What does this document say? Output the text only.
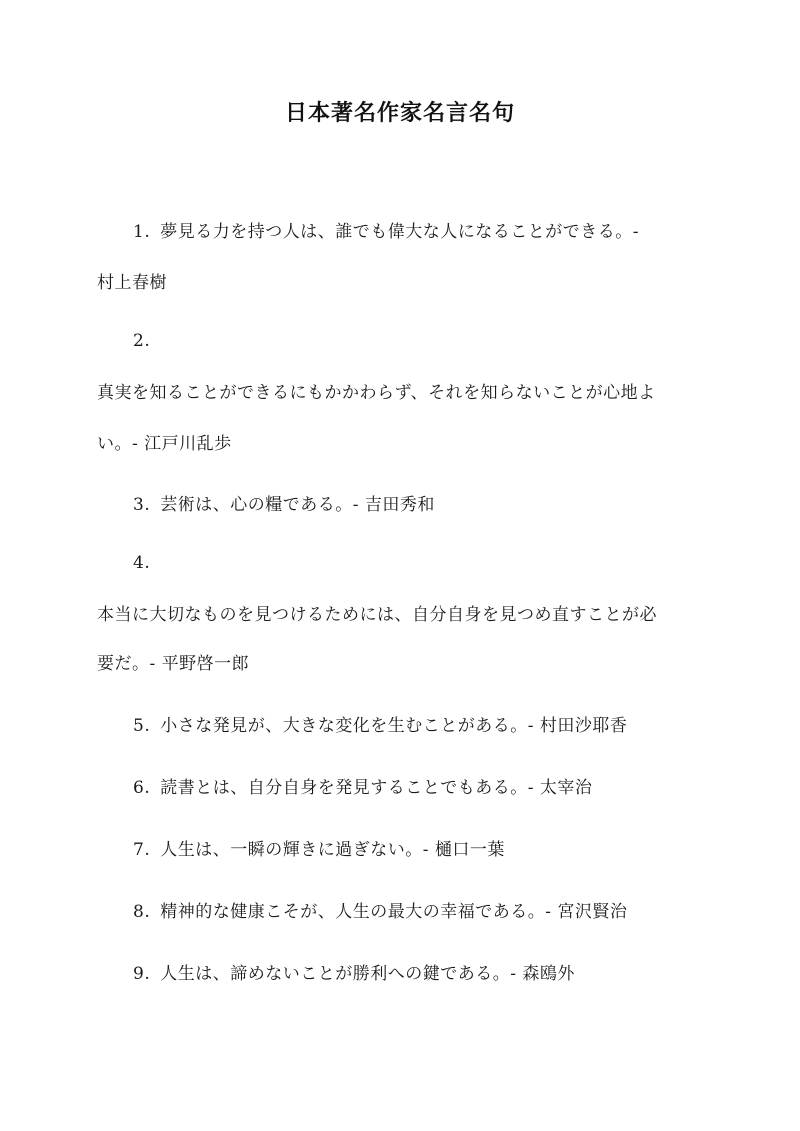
日本著名作家名言名句
1. 夢見る力を持つ人は、誰でも偉大な人になることができる。-
村上春樹
2.
真実を知ることができるにもかかわらず、それを知らないことが心地よ
い。- 江戸川乱歩
3. 芸術は、心の糧である。- 吉田秀和
4.
本当に大切なものを見つけるためには、自分自身を見つめ直すことが必
要だ。- 平野啓一郎
5. 小さな発見が、大きな変化を生むことがある。- 村田沙耶香
6. 読書とは、自分自身を発見することでもある。- 太宰治
7. 人生は、一瞬の輝きに過ぎない。- 樋口一葉
8. 精神的な健康こそが、人生の最大の幸福である。- 宮沢賢治
9. 人生は、諦めないことが勝利への鍵である。- 森鴎外
